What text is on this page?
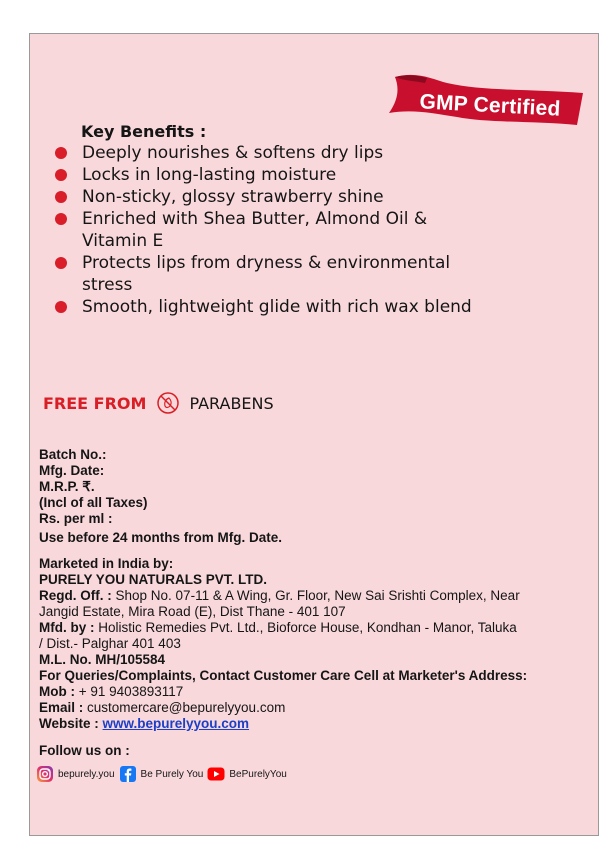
GMP Certified
Key Benefits :
Deeply nourishes & softens dry lips
Locks in long-lasting moisture
Non-sticky, glossy strawberry shine
Enriched with Shea Butter, Almond Oil &
Vitamin E
Protects lips from dryness & environmental
stress
Smooth, lightweight glide with rich wax blend
FREE FROM	PARABENS
Batch No.:
Mfg. Date:
M.R.P. ₹.
(Incl of all Taxes)
Rs. per ml :
Use before 24 months from Mfg. Date.
Marketed in India by:
PURELY YOU NATURALS PVT. LTD.
Regd. Off. : Shop No. 07-11 & A Wing, Gr. Floor, New Sai Srishti Complex, Near
Jangid Estate, Mira Road (E), Dist Thane - 401 107
Mfd. by : Holistic Remedies Pvt. Ltd., Bioforce House, Kondhan - Manor, Taluka
/ Dist.- Palghar 401 403
M.L. No. MH/105584
For Queries/Complaints, Contact Customer Care Cell at Marketer's Address:
Mob : + 91 9403893117
Email : customercare@bepurelyyou.com
Website : www.bepurelyyou.com
Follow us on :
bepurely.you	Be Purely You	BePurelyYou
